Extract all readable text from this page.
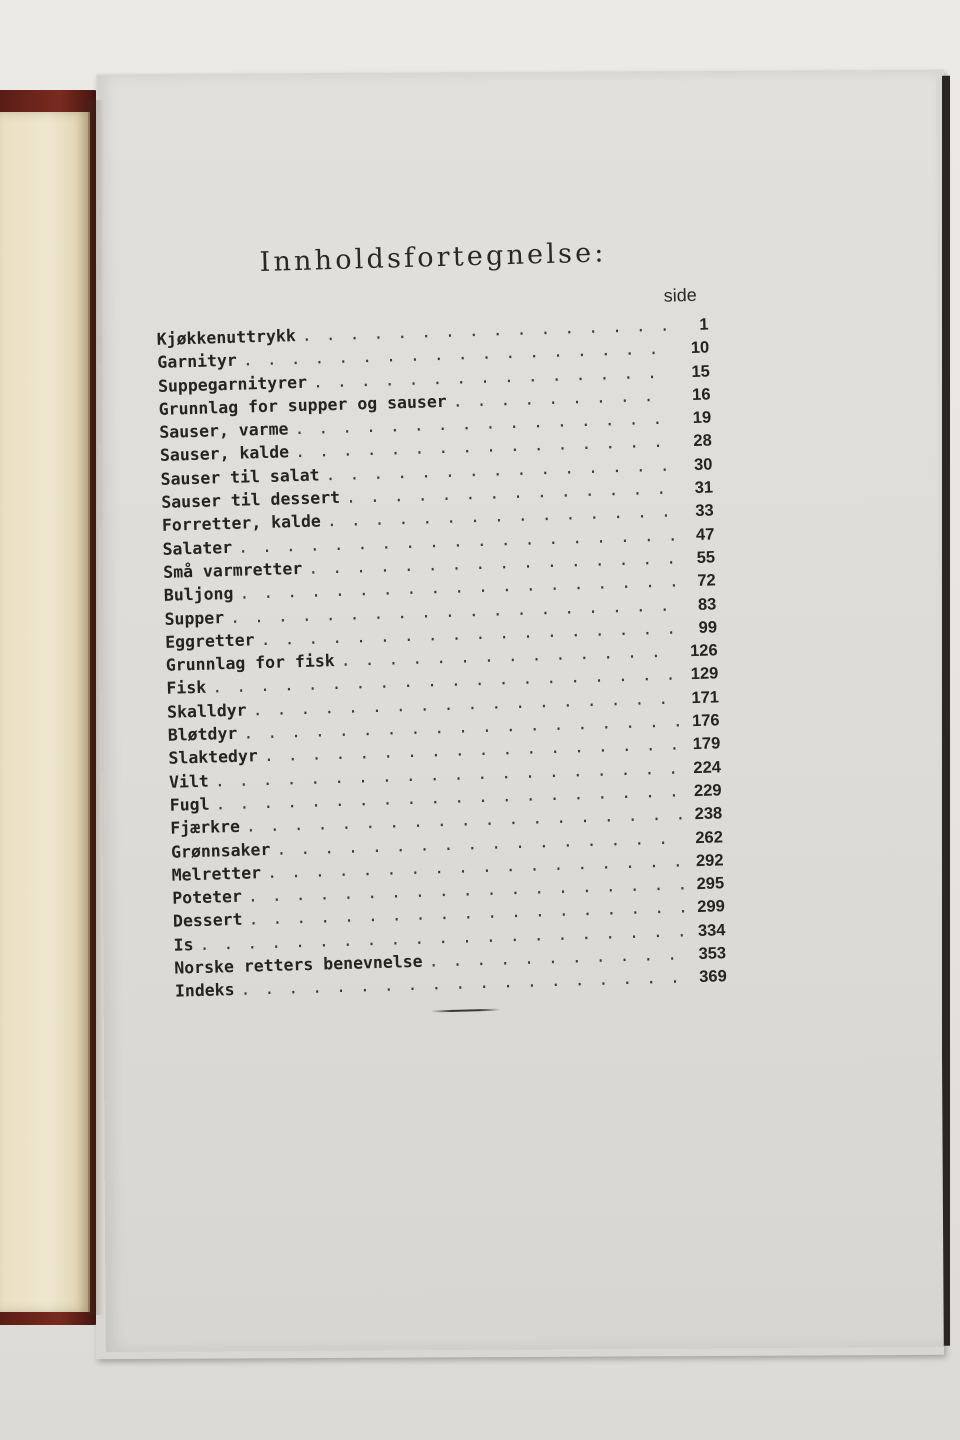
Innholdsfortegnelse:
side
Kjøkkenuttrykk
. . .
1
Garnityr
. . .
10
Suppegarnityrer
. . .
15
Grunnlag for supper og sauser . . .	16
Sauser, varme
. . .
19
Sauser, kalde
. . .
28
Sauser til salat
. . .
30
Sauser til dessert
. . .
31
Forretter, kalde
. . .
33
Salater
. . .
47
Små varmretter
. . .
55
Buljong
. . .
72
Supper
. . .
83
Eggretter
. . .
99
Grunnlag for fisk
. . .
126
Fisk
. . .
129
Skalldyr
. . .
171
Bløtdyr
. . .
176
Slaktedyr
. . .
179
Vilt
. . .
224
Fugl
. . .
229
Fjærkre
. . .
238
Grønnsaker
. . .
262
Melretter
. . .
292
Poteter
. . .
295
Dessert
. . .
299
Is
. . .
334
Norske retters benevnelse . . .	353
Indeks
. . .
369
